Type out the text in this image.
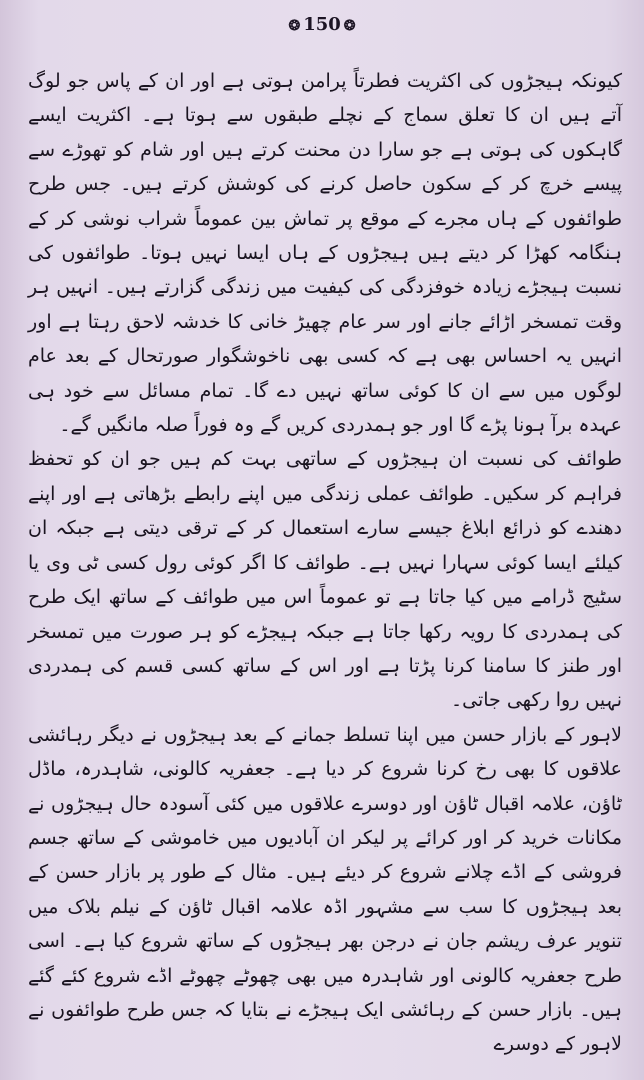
❂ 150 ❂

کیونکہ ہیجڑوں کی اکثریت فطرتاً پرامن ہوتی ہے اور ان کے پاس جو لوگ آتے ہیں ان کا تعلق سماج کے نچلے طبقوں سے ہوتا ہے۔ اکثریت ایسے گاہکوں کی ہوتی ہے جو سارا دن محنت کرتے ہیں اور شام کو تھوڑے سے پیسے خرچ کر کے سکون حاصل کرنے کی کوشش کرتے ہیں۔ جس طرح طوائفوں کے ہاں مجرے کے موقع پر تماش بین عموماً شراب نوشی کر کے ہنگامہ کھڑا کر دیتے ہیں ہیجڑوں کے ہاں ایسا نہیں ہوتا۔ طوائفوں کی نسبت ہیجڑے زیادہ خوفزدگی کی کیفیت میں زندگی گزارتے ہیں۔ انہیں ہر وقت تمسخر اڑائے جانے اور سر عام چھیڑ خانی کا خدشہ لاحق رہتا ہے اور انہیں یہ احساس بھی ہے کہ کسی بھی ناخوشگوار صورتحال کے بعد عام لوگوں میں سے ان کا کوئی ساتھ نہیں دے گا۔ تمام مسائل سے خود ہی عہدہ برآ ہونا پڑے گا اور جو ہمدردی کریں گے وہ فوراً صلہ مانگیں گے۔

طوائف کی نسبت ان ہیجڑوں کے ساتھی بہت کم ہیں جو ان کو تحفظ فراہم کر سکیں۔ طوائف عملی زندگی میں اپنے رابطے بڑھاتی ہے اور اپنے دھندے کو ذرائع ابلاغ جیسے سارے استعمال کر کے ترقی دیتی ہے جبکہ ان کیلئے ایسا کوئی سہارا نہیں ہے۔ طوائف کا اگر کوئی رول کسی ٹی وی یا سٹیج ڈرامے میں کیا جاتا ہے تو عموماً اس میں طوائف کے ساتھ ایک طرح کی ہمدردی کا رویہ رکھا جاتا ہے جبکہ ہیجڑے کو ہر صورت میں تمسخر اور طنز کا سامنا کرنا پڑتا ہے اور اس کے ساتھ کسی قسم کی ہمدردی نہیں روا رکھی جاتی۔

لاہور کے بازار حسن میں اپنا تسلط جمانے کے بعد ہیجڑوں نے دیگر رہائشی علاقوں کا بھی رخ کرنا شروع کر دیا ہے۔ جعفریہ کالونی، شاہدرہ، ماڈل ٹاؤن، علامہ اقبال ٹاؤن اور دوسرے علاقوں میں کئی آسودہ حال ہیجڑوں نے مکانات خرید کر اور کرائے پر لیکر ان آبادیوں میں خاموشی کے ساتھ جسم فروشی کے اڈے چلانے شروع کر دیئے ہیں۔ مثال کے طور پر بازار حسن کے بعد ہیجڑوں کا سب سے مشہور اڈہ علامہ اقبال ٹاؤن کے نیلم بلاک میں تنویر عرف ریشم جان نے درجن بھر ہیجڑوں کے ساتھ شروع کیا ہے۔ اسی طرح جعفریہ کالونی اور شاہدرہ میں بھی چھوٹے چھوٹے اڈے شروع کئے گئے ہیں۔ بازار حسن کے رہائشی ایک ہیجڑے نے بتایا کہ جس طرح طوائفوں نے لاہور کے دوسرے
